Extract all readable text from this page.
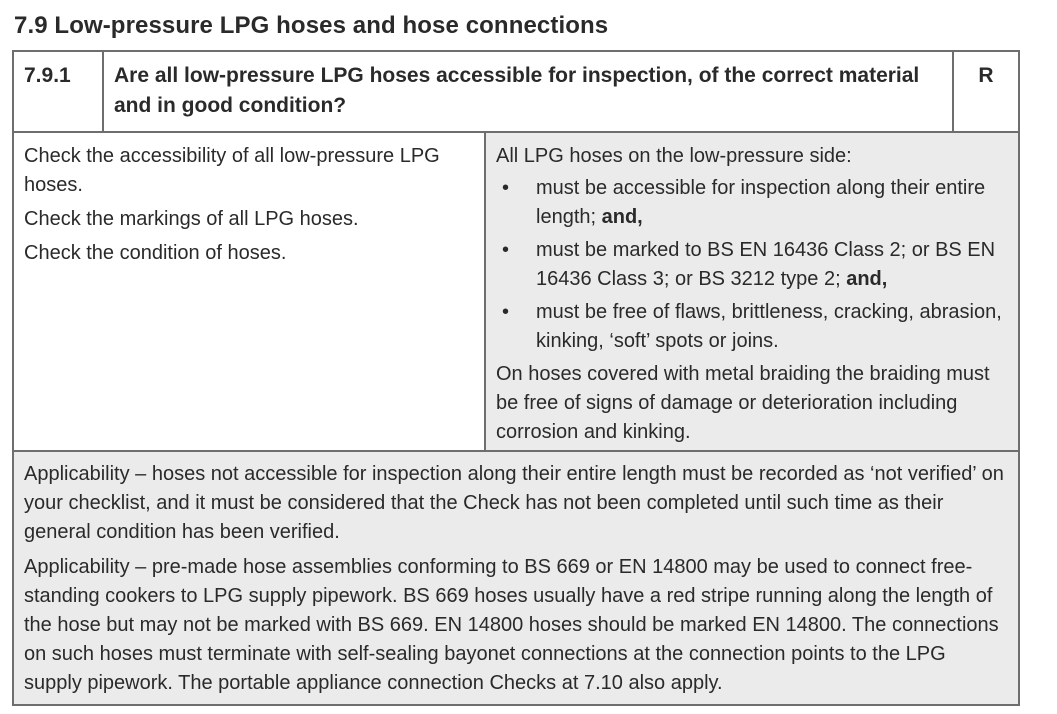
7.9 Low-pressure LPG hoses and hose connections
7.9.1	Are all low-pressure LPG hoses accessible for inspection, of the correct material and in good condition?
R

Check the accessibility of all low-pressure LPG hoses.

Check the markings of all LPG hoses.

Check the condition of hoses.

All LPG hoses on the low-pressure side:

• must be accessible for inspection along their entire length; and,
• must be marked to BS EN 16436 Class 2; or BS EN 16436 Class 3; or BS 3212 type 2; and,
• must be free of flaws, brittleness, cracking, abrasion, kinking, ‘soft’ spots or joins.

On hoses covered with metal braiding the braiding must be free of signs of damage or deterioration including corrosion and kinking.

Applicability – hoses not accessible for inspection along their entire length must be recorded as ‘not verified’ on your checklist, and it must be considered that the Check has not been completed until such time as their general condition has been verified.

Applicability – pre-made hose assemblies conforming to BS 669 or EN 14800 may be used to connect free-standing cookers to LPG supply pipework. BS 669 hoses usually have a red stripe running along the length of the hose but may not be marked with BS 669. EN 14800 hoses should be marked EN 14800. The connections on such hoses must terminate with self-sealing bayonet connections at the connection points to the LPG supply pipework. The portable appliance connection Checks at 7.10 also apply.
